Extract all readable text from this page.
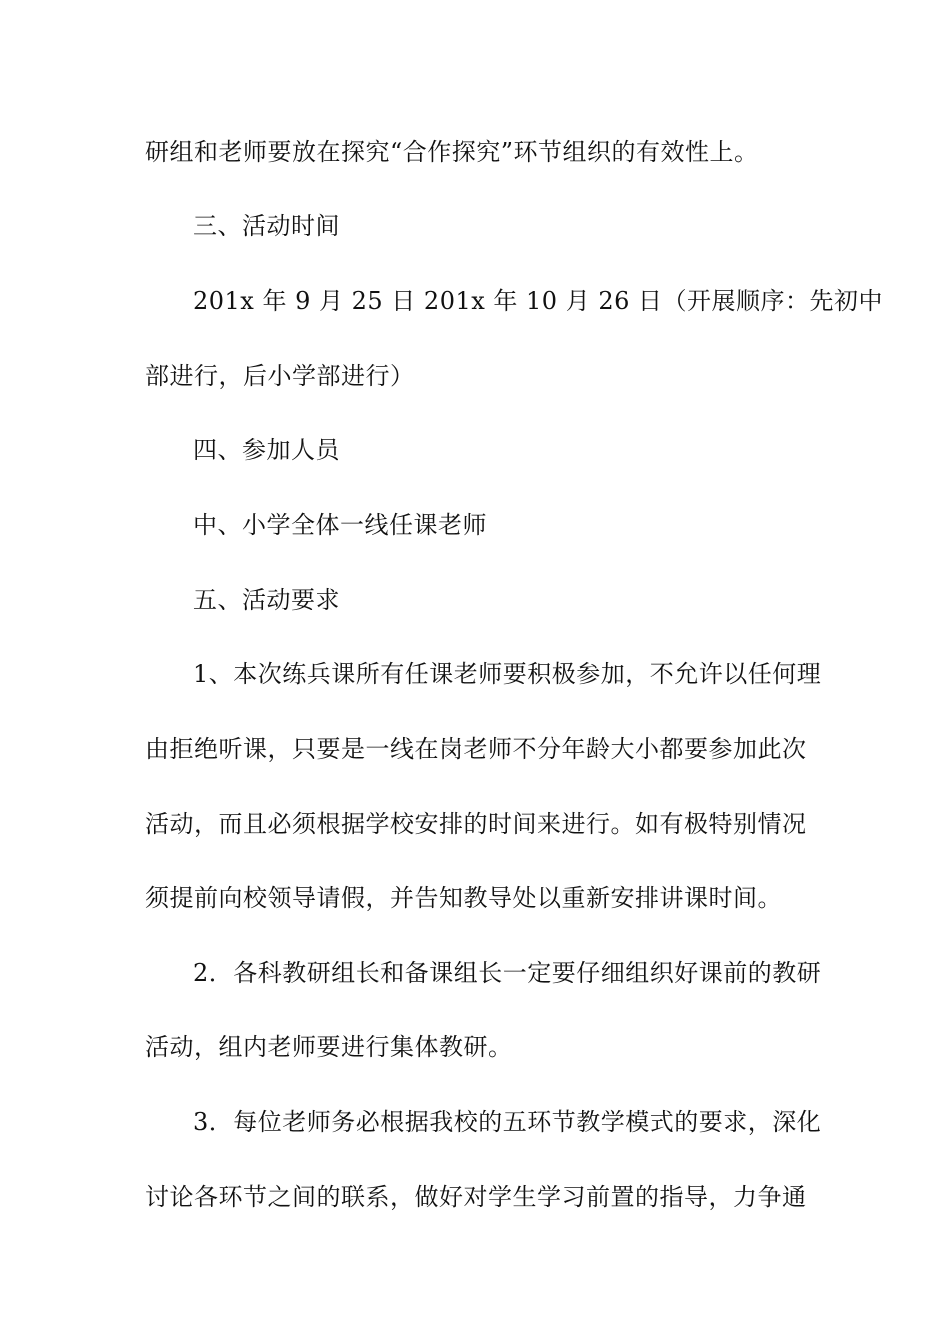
研组和老师要放在探究“合作探究”环节组织的有效性上。
三、活动时间
201x 年 9 月 25 日 201x 年 10 月 26 日（开展顺序：先初中
部进行，后小学部进行）
四、参加人员
中、小学全体一线任课老师
五、活动要求
1、本次练兵课所有任课老师要积极参加，不允许以任何理
由拒绝听课，只要是一线在岗老师不分年龄大小都要参加此次
活动，而且必须根据学校安排的时间来进行。如有极特别情况
须提前向校领导请假，并告知教导处以重新安排讲课时间。
2．各科教研组长和备课组长一定要仔细组织好课前的教研
活动，组内老师要进行集体教研。
3．每位老师务必根据我校的五环节教学模式的要求，深化
讨论各环节之间的联系，做好对学生学习前置的指导，力争通
